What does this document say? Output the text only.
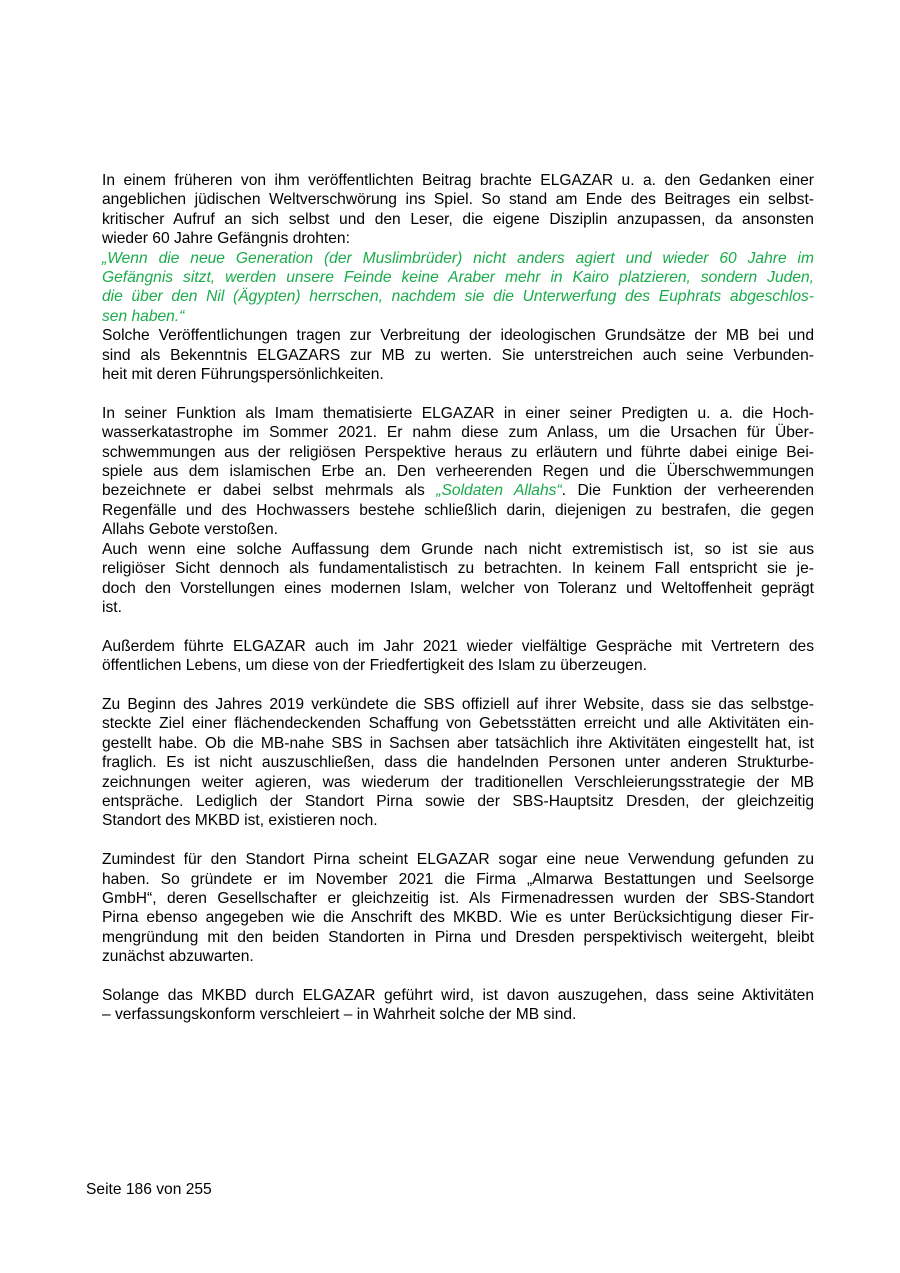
In einem früheren von ihm veröffentlichten Beitrag brachte ELGAZAR u. a. den Gedanken einer
angeblichen jüdischen Weltverschwörung ins Spiel. So stand am Ende des Beitrages ein selbst-
kritischer Aufruf an sich selbst und den Leser, die eigene Disziplin anzupassen, da ansonsten
wieder 60 Jahre Gefängnis drohten:
„Wenn die neue Generation (der Muslimbrüder) nicht anders agiert und wieder 60 Jahre im
Gefängnis sitzt, werden unsere Feinde keine Araber mehr in Kairo platzieren, sondern Juden,
die über den Nil (Ägypten) herrschen, nachdem sie die Unterwerfung des Euphrats abgeschlos-
sen haben.“
Solche Veröffentlichungen tragen zur Verbreitung der ideologischen Grundsätze der MB bei und
sind als Bekenntnis ELGAZARS zur MB zu werten. Sie unterstreichen auch seine Verbunden-
heit mit deren Führungspersönlichkeiten.
In seiner Funktion als Imam thematisierte ELGAZAR in einer seiner Predigten u. a. die Hoch-
wasserkatastrophe im Sommer 2021. Er nahm diese zum Anlass, um die Ursachen für Über-
schwemmungen aus der religiösen Perspektive heraus zu erläutern und führte dabei einige Bei-
spiele aus dem islamischen Erbe an. Den verheerenden Regen und die Überschwemmungen
bezeichnete er dabei selbst mehrmals als „Soldaten Allahs“. Die Funktion der verheerenden
Regenfälle und des Hochwassers bestehe schließlich darin, diejenigen zu bestrafen, die gegen
Allahs Gebote verstoßen.
Auch wenn eine solche Auffassung dem Grunde nach nicht extremistisch ist, so ist sie aus
religiöser Sicht dennoch als fundamentalistisch zu betrachten. In keinem Fall entspricht sie je-
doch den Vorstellungen eines modernen Islam, welcher von Toleranz und Weltoffenheit geprägt
ist.
Außerdem führte ELGAZAR auch im Jahr 2021 wieder vielfältige Gespräche mit Vertretern des
öffentlichen Lebens, um diese von der Friedfertigkeit des Islam zu überzeugen.
Zu Beginn des Jahres 2019 verkündete die SBS offiziell auf ihrer Website, dass sie das selbstge-
steckte Ziel einer flächendeckenden Schaffung von Gebetsstätten erreicht und alle Aktivitäten ein-
gestellt habe. Ob die MB-nahe SBS in Sachsen aber tatsächlich ihre Aktivitäten eingestellt hat, ist
fraglich. Es ist nicht auszuschließen, dass die handelnden Personen unter anderen Strukturbe-
zeichnungen weiter agieren, was wiederum der traditionellen Verschleierungsstrategie der MB
entspräche. Lediglich der Standort Pirna sowie der SBS-Hauptsitz Dresden, der gleichzeitig
Standort des MKBD ist, existieren noch.
Zumindest für den Standort Pirna scheint ELGAZAR sogar eine neue Verwendung gefunden zu
haben. So gründete er im November 2021 die Firma „Almarwa Bestattungen und Seelsorge
GmbH“, deren Gesellschafter er gleichzeitig ist. Als Firmenadressen wurden der SBS-Standort
Pirna ebenso angegeben wie die Anschrift des MKBD. Wie es unter Berücksichtigung dieser Fir-
mengründung mit den beiden Standorten in Pirna und Dresden perspektivisch weitergeht, bleibt
zunächst abzuwarten.
Solange das MKBD durch ELGAZAR geführt wird, ist davon auszugehen, dass seine Aktivitäten
– verfassungskonform verschleiert – in Wahrheit solche der MB sind.
Seite 186 von 255
